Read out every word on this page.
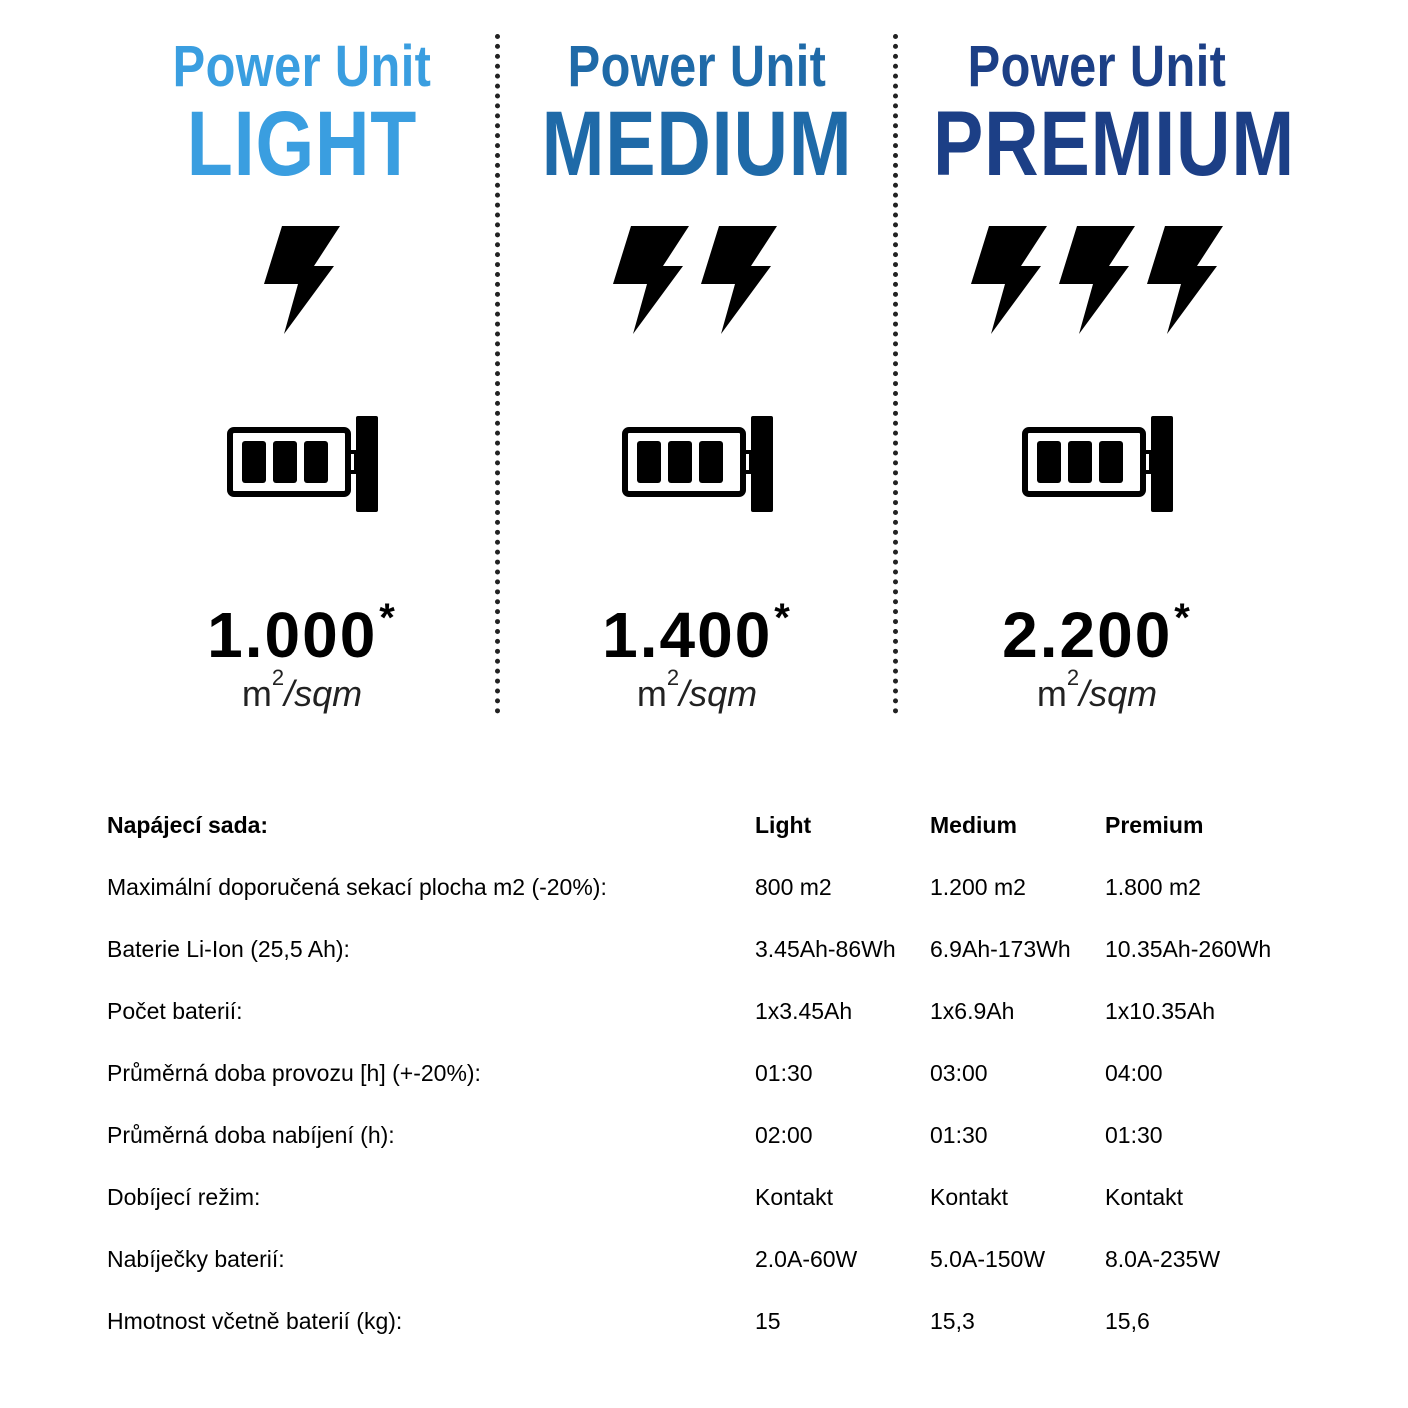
Power Unit
LIGHT
1.000*
$m^2$/sqm
Power Unit
MEDIUM
1.400*
$m^2$/sqm
Power Unit
PREMIUM
2.200*
$m^2$/sqm
Napájecí sada:	Light	Medium	Premium
Maximální doporučená sekací plocha m2 (-20%):	800 m2	1.200 m2	1.800 m2
Baterie Li-Ion (25,5 Ah):	3.45Ah-86Wh 6.9Ah-173Wh 10.35Ah-260Wh
Počet baterií:	1x3.45Ah	1x6.9Ah	1x10.35Ah
Průměrná doba provozu [h] (+-20%):	01:30	03:00	04:00
Průměrná doba nabíjení (h):	02:00	01:30	01:30
Dobíjecí režim:	Kontakt	Kontakt	Kontakt
Nabíječky baterií:	2.0A-60W	5.0A-150W	8.0A-235W
Hmotnost včetně baterií (kg):	15	15,3	15,6
